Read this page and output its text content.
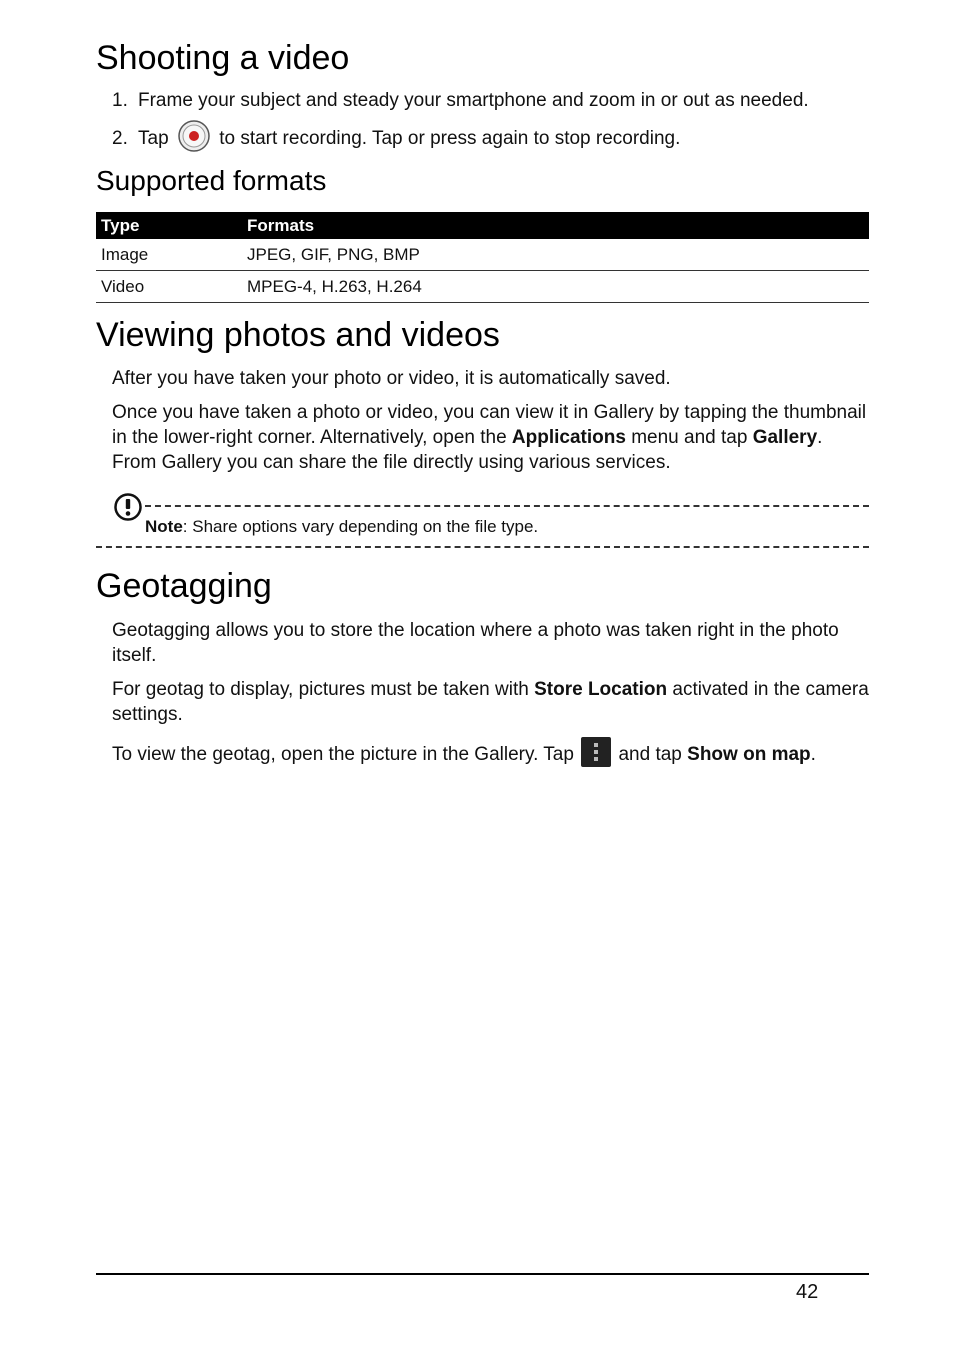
Shooting a video
1. Frame your subject and steady your smartphone and zoom in or out as needed.
2. Tap	to start recording. Tap or press again to stop recording.
Supported formats
Type	Formats
Image	JPEG, GIF, PNG, BMP
Video	MPEG-4, H.263, H.264
Viewing photos and videos
After you have taken your photo or video, it is automatically saved.
Once you have taken a photo or video, you can view it in Gallery by tapping the thumbnail in the lower-right corner. Alternatively, open the Applications menu and tap Gallery. From Gallery you can share the file directly using various services.
Note: Share options vary depending on the file type.
Geotagging
Geotagging allows you to store the location where a photo was taken right in the photo itself.
For geotag to display, pictures must be taken with Store Location activated in the camera settings.
To view the geotag, open the picture in the Gallery. Tap and tap Show on map.
42
